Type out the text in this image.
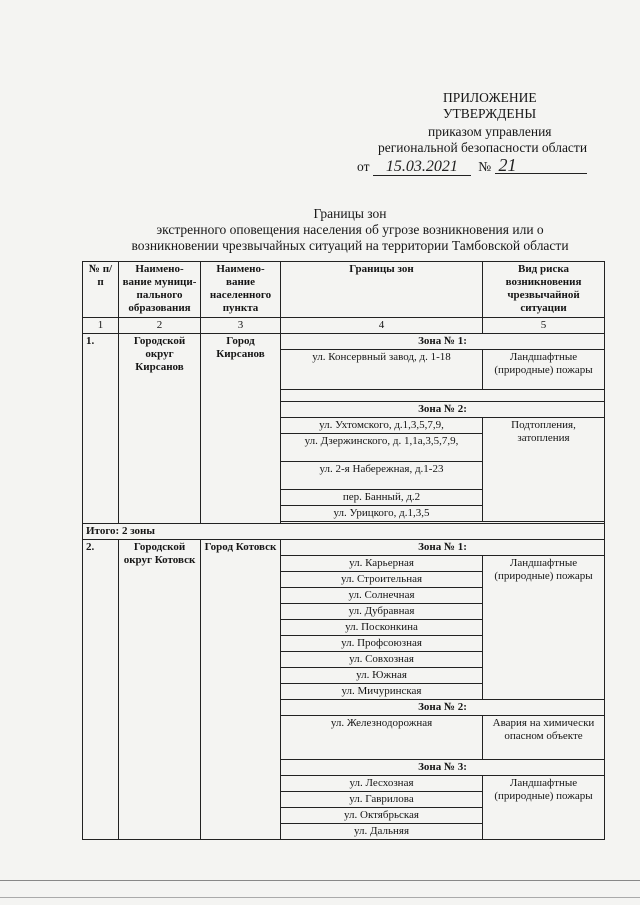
ПРИЛОЖЕНИЕ
УТВЕРЖДЕНЫ
приказом управления
региональной безопасности области
от 15.03.2021 № 21
Границы зон
экстренного оповещения населения об угрозе возникновения или о
возникновении чрезвычайных ситуаций на территории Тамбовской области
№ п/п	Наимено-вание муници-пального образования	Наимено-вание населенного пункта	Границы зон	Вид риска возникновения чрезвычайной ситуации
1	2	3	4	5
1.	Городской округ Кирсанов	Город Кирсанов	Зона № 1:	
			ул. Консервный завод, д. 1-18	Ландшафтные (природные) пожары

			Зона № 2:	
			ул. Ухтомского, д.1,3,5,7,9,	Подтопления, затопления
			ул. Дзержинского, д. 1,1а,3,5,7,9,	
			ул. 2-я Набережная, д.1-23	
			пер. Банный, д.2	
			ул. Урицкого, д.1,3,5	

Итого: 2 зоны				
2.	Городской округ Котовск	Город Котовск	Зона № 1:	
			ул. Карьерная	Ландшафтные (природные) пожары
			ул. Строительная	
			ул. Солнечная	
			ул. Дубравная	
			ул. Посконкина	
			ул. Профсоюзная	
			ул. Совхозная	
			ул. Южная	
			ул. Мичуринская	
			Зона № 2:	
			ул. Железнодорожная	Авария на химически опасном объекте
			Зона № 3:	
			ул. Лесхозная	Ландшафтные (природные) пожары
			ул. Гаврилова	
			ул. Октябрьская	
			ул. Дальняя	
